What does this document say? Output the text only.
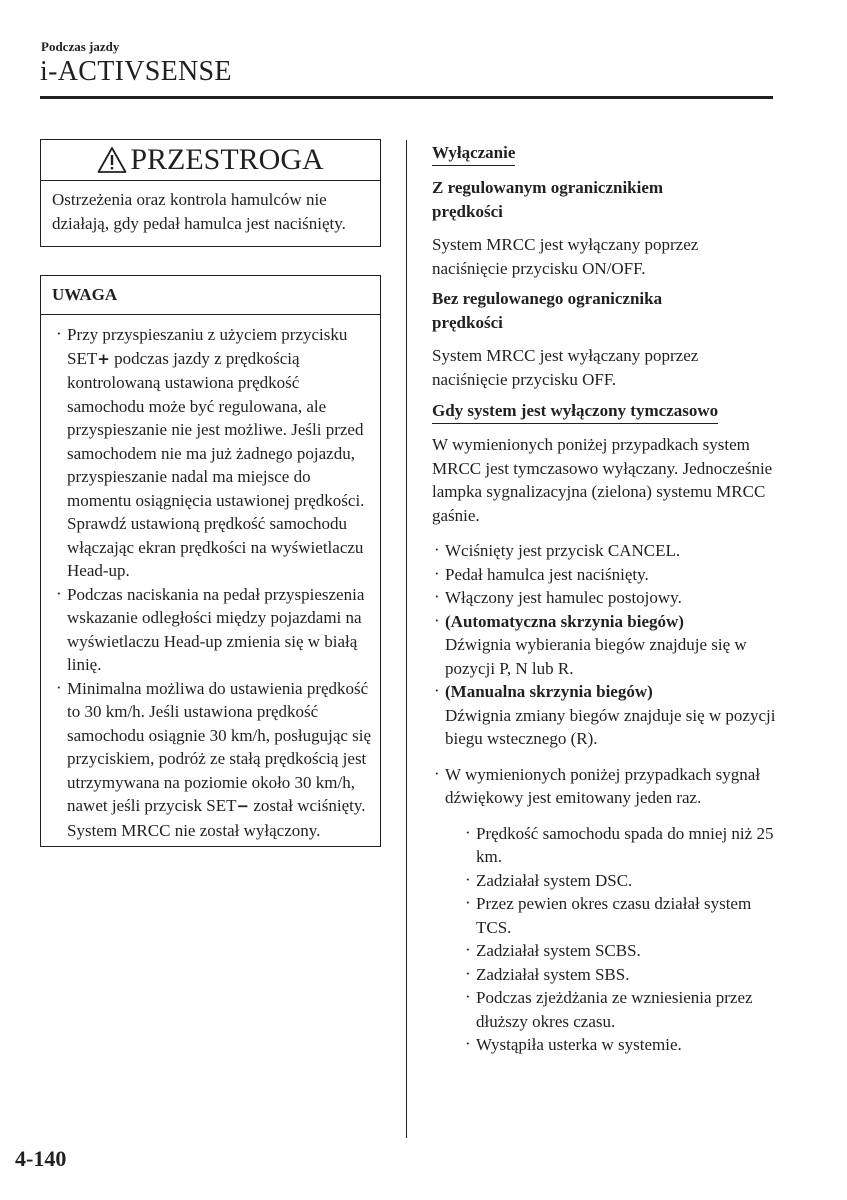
Podczas jazdy
i-ACTIVSENSE
PRZESTROGA
Ostrzeżenia oraz kontrola hamulców nie działają, gdy pedał hamulca jest naciśnięty.
UWAGA
· Przy przyspieszaniu z użyciem przycisku SET+ podczas jazdy z prędkością kontrolowaną ustawiona prędkość samochodu może być regulowana, ale przyspieszanie nie jest możliwe. Jeśli przed samochodem nie ma już żadnego pojazdu, przyspieszanie nadal ma miejsce do momentu osiągnięcia ustawionej prędkości. Sprawdź ustawioną prędkość samochodu włączając ekran prędkości na wyświetlaczu Head-up.
· Podczas naciskania na pedał przyspieszenia wskazanie odległości między pojazdami na wyświetlaczu Head-up zmienia się w białą linię.
· Minimalna możliwa do ustawienia prędkość to 30 km/h. Jeśli ustawiona prędkość samochodu osiągnie 30 km/h, posługując się przyciskiem, podróż ze stałą prędkością jest utrzymywana na poziomie około 30 km/h, nawet jeśli przycisk SET− został wciśnięty. System MRCC nie został wyłączony.
Wyłączanie
Z regulowanym ogranicznikiem
prędkości
System MRCC jest wyłączany poprzez naciśnięcie przycisku ON/OFF.
Bez regulowanego ogranicznika
prędkości
System MRCC jest wyłączany poprzez naciśnięcie przycisku OFF.
Gdy system jest wyłączony tymczasowo
W wymienionych poniżej przypadkach system MRCC jest tymczasowo wyłączany. Jednocześnie lampka sygnalizacyjna (zielona) systemu MRCC gaśnie.
· Wciśnięty jest przycisk CANCEL.
· Pedał hamulca jest naciśnięty.
· Włączony jest hamulec postojowy.
· (Automatyczna skrzynia biegów)
Dźwignia wybierania biegów znajduje się w pozycji P, N lub R.
· (Manualna skrzynia biegów)
Dźwignia zmiany biegów znajduje się w pozycji biegu wstecznego (R).
· W wymienionych poniżej przypadkach sygnał dźwiękowy jest emitowany jeden raz.
· Prędkość samochodu spada do mniej niż 25 km.
· Zadziałał system DSC.
· Przez pewien okres czasu działał system TCS.
· Zadziałał system SCBS.
· Zadziałał system SBS.
· Podczas zjeżdżania ze wzniesienia przez dłuższy okres czasu.
· Wystąpiła usterka w systemie.
4-140
